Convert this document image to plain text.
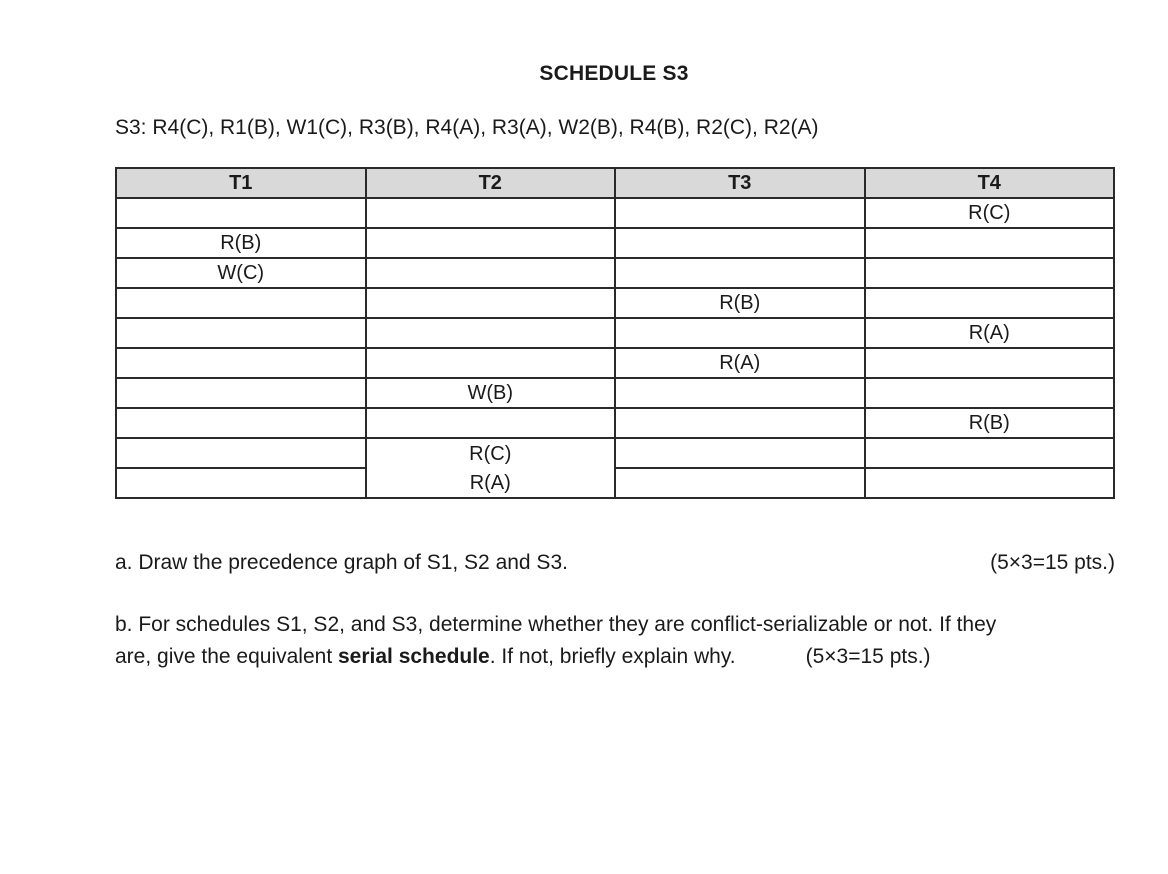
SCHEDULE S3
S3: R4(C), R1(B), W1(C), R3(B), R4(A), R3(A), W2(B), R4(B), R2(C), R2(A)
T1	T2	T3	T4
			R(C)
R(B)			
W(C)			
		R(B)	
			R(A)
		R(A)	
	W(B)		
			R(B)
	R(C)		
	R(A)		
a. Draw the precedence graph of S1, S2 and S3.	(5×3=15 pts.)
b. For schedules S1, S2, and S3, determine whether they are conflict-serializable or not. If they
are, give the equivalent serial schedule. If not, briefly explain why.	(5×3=15 pts.)
